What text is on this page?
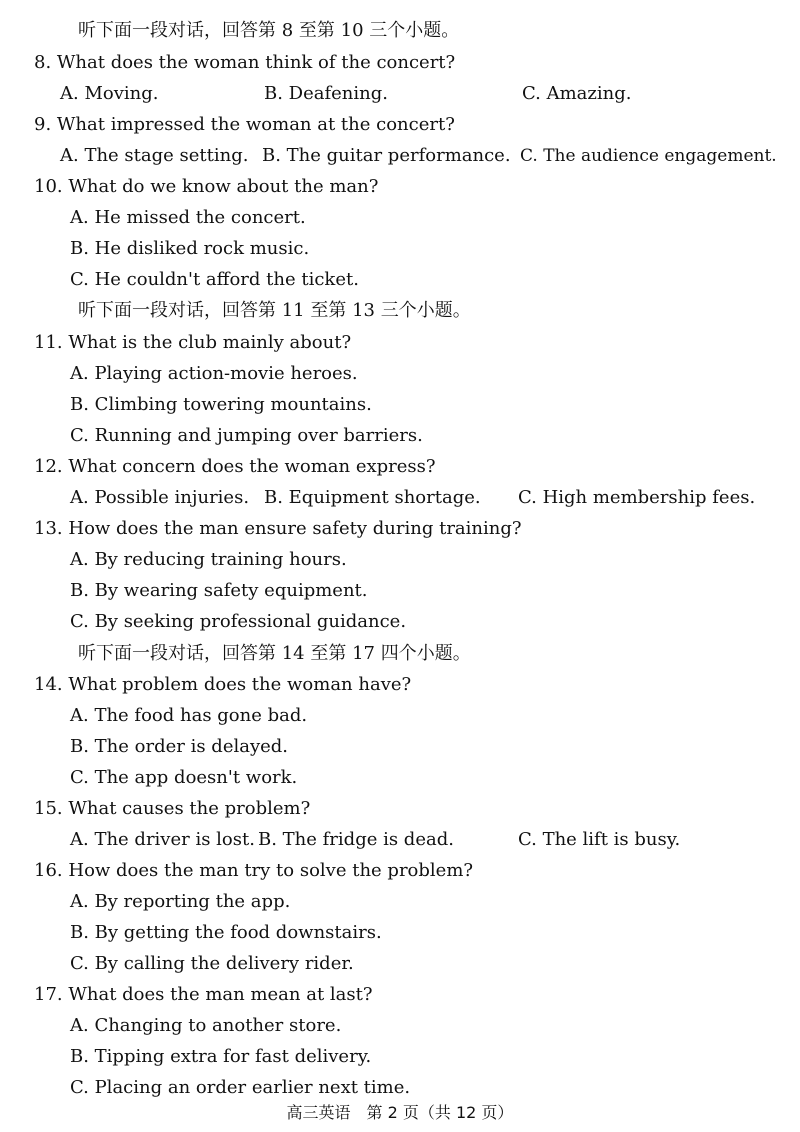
听下面一段对话，回答第 8 至第 10 三个小题。
8. What does the woman think of the concert?
A. Moving.	B. Deafening.	C. Amazing.
9. What impressed the woman at the concert?
A. The stage setting. B. The guitar performance. C. The audience engagement.
10. What do we know about the man?
A. He missed the concert.
B. He disliked rock music.
C. He couldn't afford the ticket.
听下面一段对话，回答第 11 至第 13 三个小题。
11. What is the club mainly about?
A. Playing action-movie heroes.
B. Climbing towering mountains.
C. Running and jumping over barriers.
12. What concern does the woman express?
A. Possible injuries. B. Equipment shortage. C. High membership fees.
13. How does the man ensure safety during training?
A. By reducing training hours.
B. By wearing safety equipment.
C. By seeking professional guidance.
听下面一段对话，回答第 14 至第 17 四个小题。
14. What problem does the woman have?
A. The food has gone bad.
B. The order is delayed.
C. The app doesn't work.
15. What causes the problem?
A. The driver is lost. B. The fridge is dead.	C. The lift is busy.
16. How does the man try to solve the problem?
A. By reporting the app.
B. By getting the food downstairs.
C. By calling the delivery rider.
17. What does the man mean at last?
A. Changing to another store.
B. Tipping extra for fast delivery.
C. Placing an order earlier next time.
高三英语　第 2 页（共 12 页）
